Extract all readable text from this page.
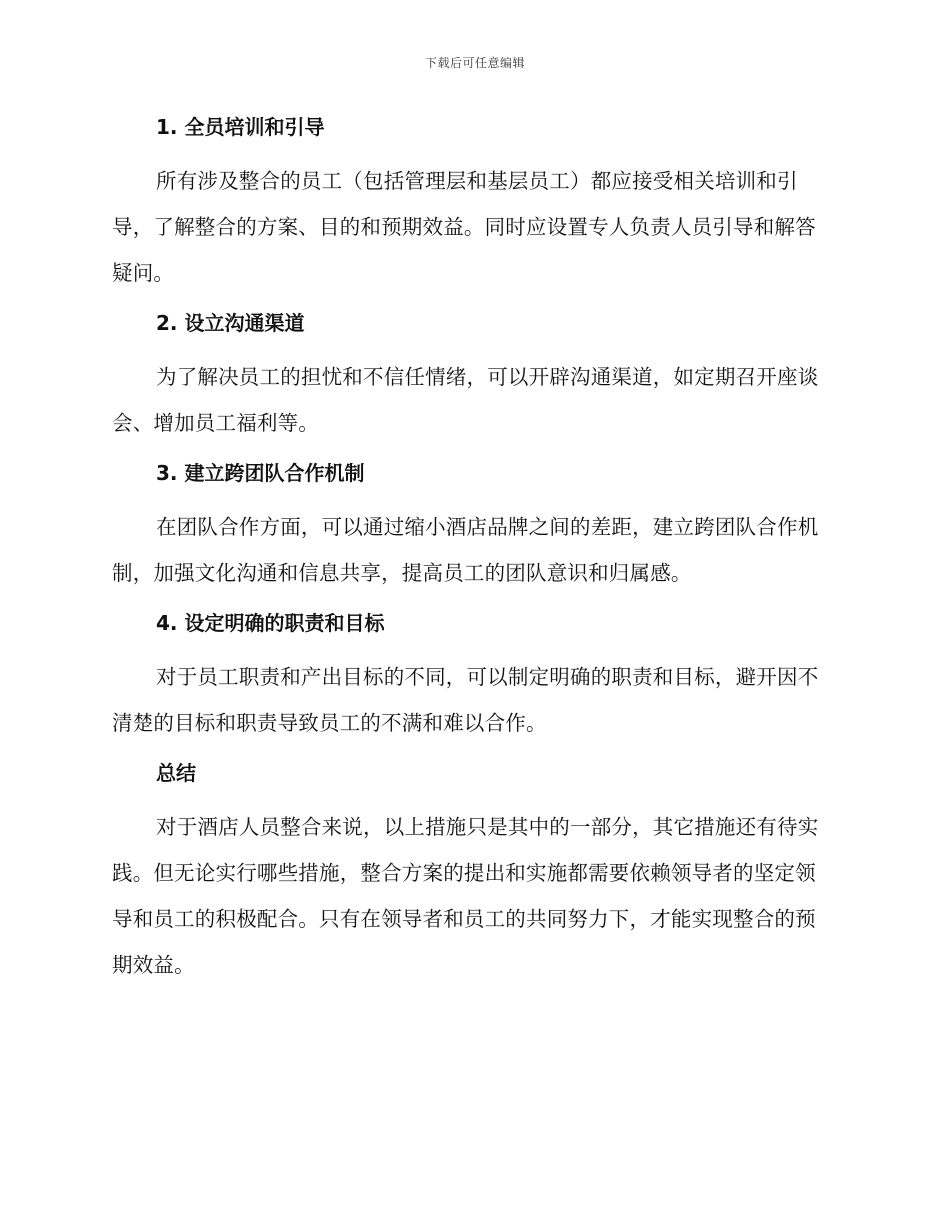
下载后可任意编辑
1. 全员培训和引导
所有涉及整合的员工（包括管理层和基层员工）都应接受相关培训和引导，了解整合的方案、目的和预期效益。同时应设置专人负责人员引导和解答疑问。
2. 设立沟通渠道
为了解决员工的担忧和不信任情绪，可以开辟沟通渠道，如定期召开座谈会、增加员工福利等。
3. 建立跨团队合作机制
在团队合作方面，可以通过缩小酒店品牌之间的差距，建立跨团队合作机制，加强文化沟通和信息共享，提高员工的团队意识和归属感。
4. 设定明确的职责和目标
对于员工职责和产出目标的不同，可以制定明确的职责和目标，避开因不清楚的目标和职责导致员工的不满和难以合作。
总结
对于酒店人员整合来说，以上措施只是其中的一部分，其它措施还有待实践。但无论实行哪些措施，整合方案的提出和实施都需要依赖领导者的坚定领导和员工的积极配合。只有在领导者和员工的共同努力下，才能实现整合的预期效益。
